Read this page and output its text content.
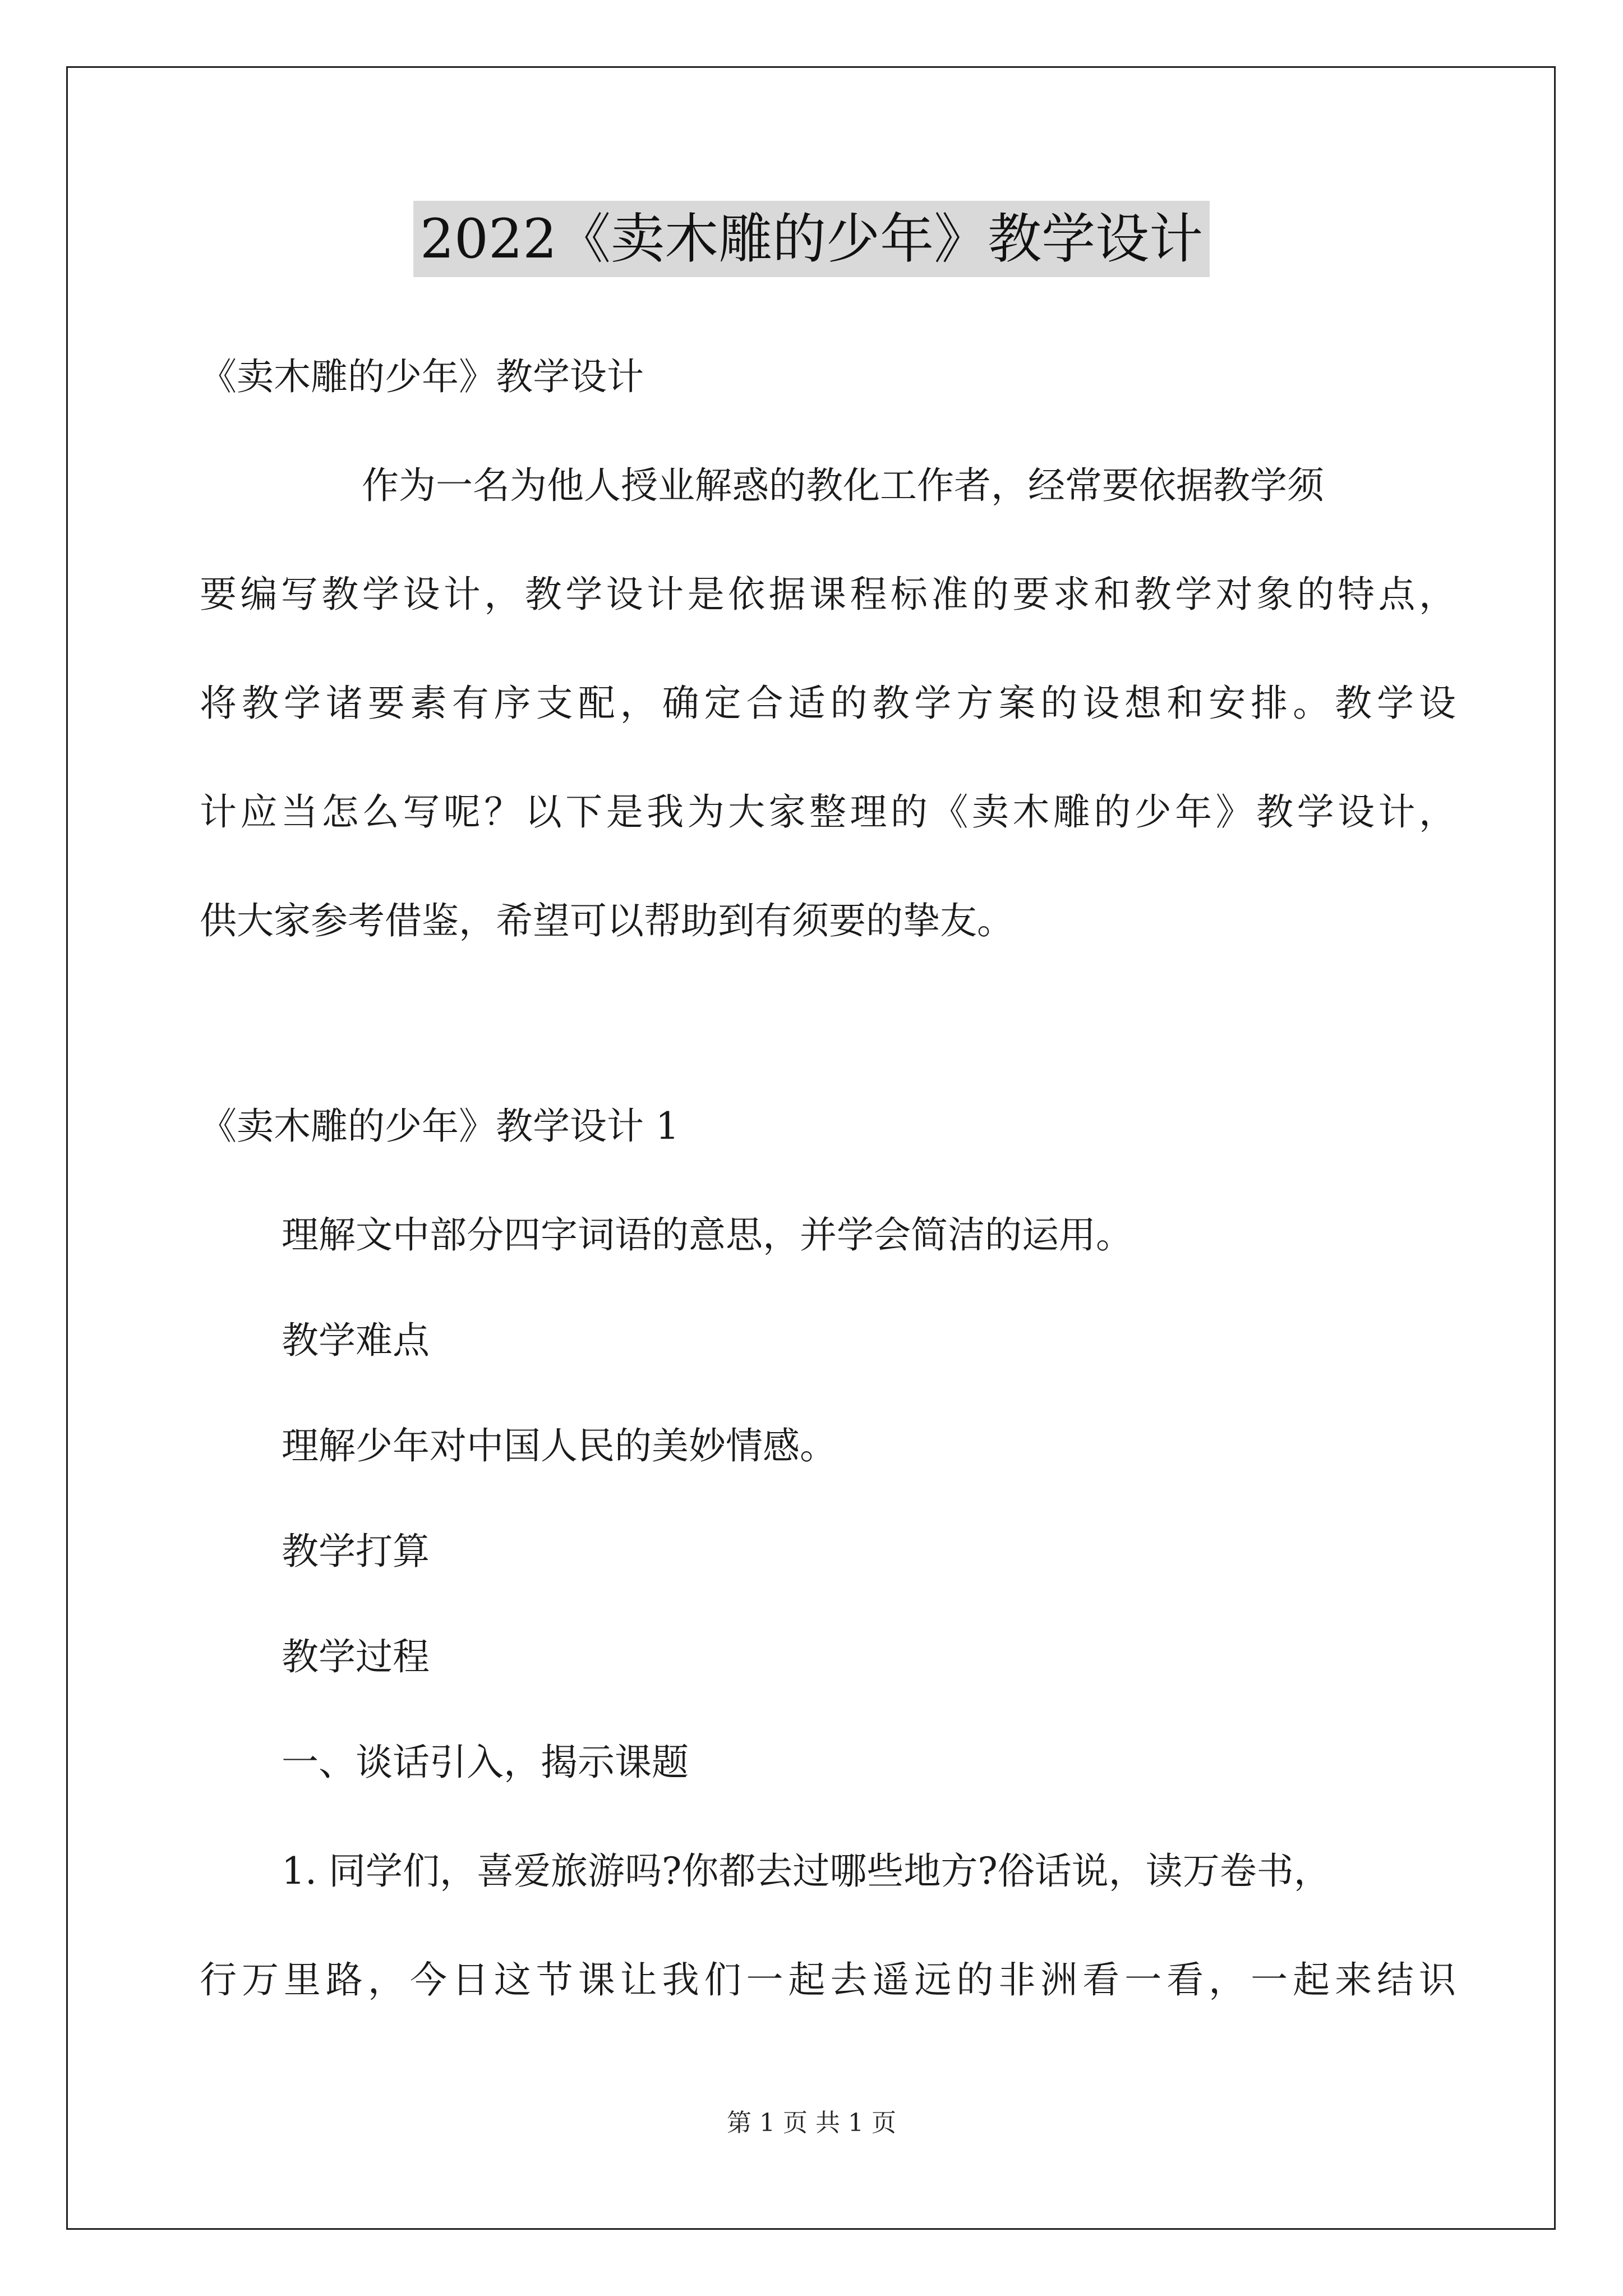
2022《卖木雕的少年》教学设计
《卖木雕的少年》教学设计
作为一名为他人授业解惑的教化工作者，经常要依据教学须
要编写教学设计，教学设计是依据课程标准的要求和教学对象的特点，
将教学诸要素有序支配，确定合适的教学方案的设想和安排。教学设
计应当怎么写呢？以下是我为大家整理的《卖木雕的少年》教学设计，
供大家参考借鉴，希望可以帮助到有须要的挚友。
《卖木雕的少年》教学设计 1
理解文中部分四字词语的意思，并学会简洁的运用。
教学难点
理解少年对中国人民的美妙情感。
教学打算
教学过程
一、谈话引入，揭示课题
1. 同学们，喜爱旅游吗?你都去过哪些地方?俗话说，读万卷书，
行万里路，今日这节课让我们一起去遥远的非洲看一看，一起来结识
第 1 页 共 1 页
